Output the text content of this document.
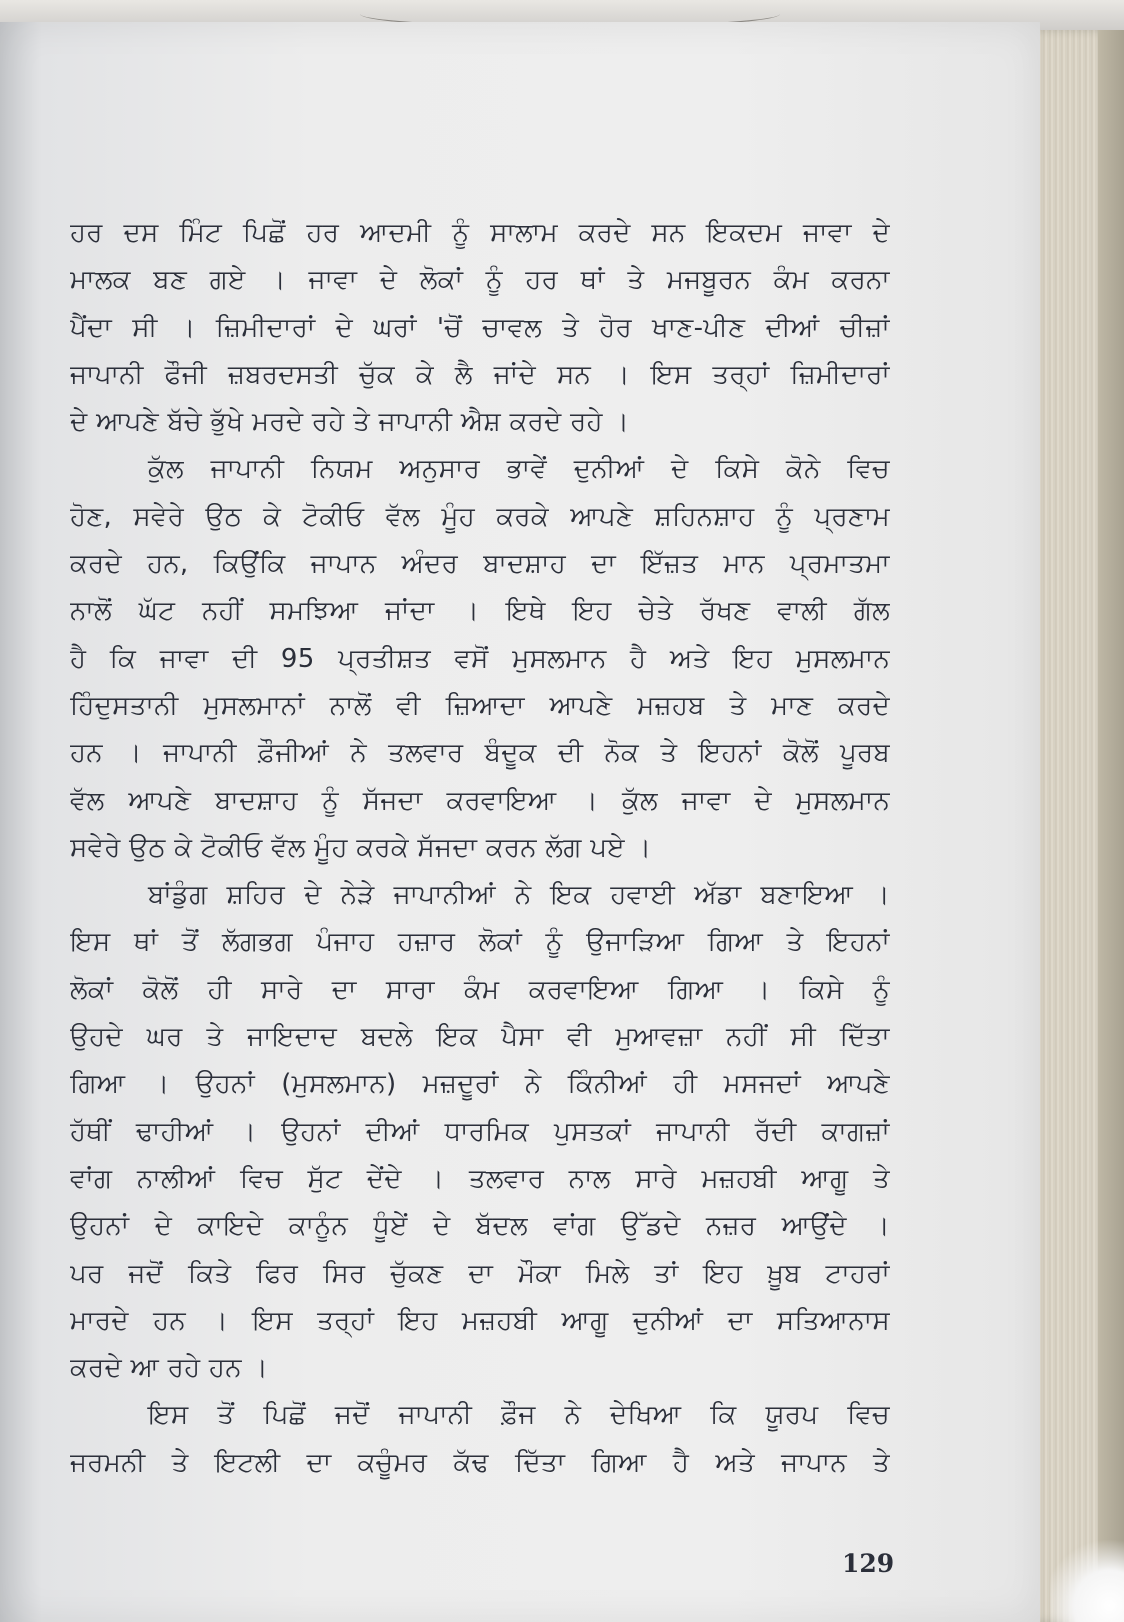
ਹਰ ਦਸ ਮਿੰਟ ਪਿਛੋਂ ਹਰ ਆਦਮੀ ਨੂੰ ਸਾਲਾਮ ਕਰਦੇ ਸਨ ਇਕਦਮ ਜਾਵਾ ਦੇ
ਮਾਲਕ ਬਣ ਗਏ । ਜਾਵਾ ਦੇ ਲੋਕਾਂ ਨੂੰ ਹਰ ਥਾਂ ਤੇ ਮਜਬੂਰਨ ਕੰਮ ਕਰਨਾ
ਪੈਂਦਾ ਸੀ । ਜ਼ਿਮੀਦਾਰਾਂ ਦੇ ਘਰਾਂ 'ਚੋਂ ਚਾਵਲ ਤੇ ਹੋਰ ਖਾਣ-ਪੀਣ ਦੀਆਂ ਚੀਜ਼ਾਂ
ਜਾਪਾਨੀ ਫੌਜੀ ਜ਼ਬਰਦਸਤੀ ਚੁੱਕ ਕੇ ਲੈ ਜਾਂਦੇ ਸਨ । ਇਸ ਤਰ੍ਹਾਂ ਜ਼ਿਮੀਦਾਰਾਂ
ਦੇ ਆਪਣੇ ਬੱਚੇ ਭੁੱਖੇ ਮਰਦੇ ਰਹੇ ਤੇ ਜਾਪਾਨੀ ਐਸ਼ ਕਰਦੇ ਰਹੇ ।
ਕੁੱਲ ਜਾਪਾਨੀ ਨਿਯਮ ਅਨੁਸਾਰ ਭਾਵੇਂ ਦੁਨੀਆਂ ਦੇ ਕਿਸੇ ਕੋਨੇ ਵਿਚ
ਹੋਣ, ਸਵੇਰੇ ਉਠ ਕੇ ਟੋਕੀਓ ਵੱਲ ਮੂੰਹ ਕਰਕੇ ਆਪਣੇ ਸ਼ਹਿਨਸ਼ਾਹ ਨੂੰ ਪ੍ਰਣਾਮ
ਕਰਦੇ ਹਨ, ਕਿਉਂਕਿ ਜਾਪਾਨ ਅੰਦਰ ਬਾਦਸ਼ਾਹ ਦਾ ਇੱਜ਼ਤ ਮਾਨ ਪ੍ਰਮਾਤਮਾ
ਨਾਲੋਂ ਘੱਟ ਨਹੀਂ ਸਮਝਿਆ ਜਾਂਦਾ । ਇਥੇ ਇਹ ਚੇਤੇ ਰੱਖਣ ਵਾਲੀ ਗੱਲ
ਹੈ ਕਿ ਜਾਵਾ ਦੀ 95 ਪ੍ਰਤੀਸ਼ਤ ਵਸੋਂ ਮੁਸਲਮਾਨ ਹੈ ਅਤੇ ਇਹ ਮੁਸਲਮਾਨ
ਹਿੰਦੁਸਤਾਨੀ ਮੁਸਲਮਾਨਾਂ ਨਾਲੋਂ ਵੀ ਜ਼ਿਆਦਾ ਆਪਣੇ ਮਜ਼ਹਬ ਤੇ ਮਾਣ ਕਰਦੇ
ਹਨ । ਜਾਪਾਨੀ ਫ਼ੌਜੀਆਂ ਨੇ ਤਲਵਾਰ ਬੰਦੂਕ ਦੀ ਨੋਕ ਤੇ ਇਹਨਾਂ ਕੋਲੋਂ ਪੂਰਬ
ਵੱਲ ਆਪਣੇ ਬਾਦਸ਼ਾਹ ਨੂੰ ਸੱਜਦਾ ਕਰਵਾਇਆ । ਕੁੱਲ ਜਾਵਾ ਦੇ ਮੁਸਲਮਾਨ
ਸਵੇਰੇ ਉਠ ਕੇ ਟੋਕੀਓ ਵੱਲ ਮੂੰਹ ਕਰਕੇ ਸੱਜਦਾ ਕਰਨ ਲੱਗ ਪਏ ।
ਬਾਂਡੁੰਗ ਸ਼ਹਿਰ ਦੇ ਨੇੜੇ ਜਾਪਾਨੀਆਂ ਨੇ ਇਕ ਹਵਾਈ ਅੱਡਾ ਬਣਾਇਆ ।
ਇਸ ਥਾਂ ਤੋਂ ਲੱਗਭਗ ਪੰਜਾਹ ਹਜ਼ਾਰ ਲੋਕਾਂ ਨੂੰ ਉਜਾੜਿਆ ਗਿਆ ਤੇ ਇਹਨਾਂ
ਲੋਕਾਂ ਕੋਲੋਂ ਹੀ ਸਾਰੇ ਦਾ ਸਾਰਾ ਕੰਮ ਕਰਵਾਇਆ ਗਿਆ । ਕਿਸੇ ਨੂੰ
ਉਹਦੇ ਘਰ ਤੇ ਜਾਇਦਾਦ ਬਦਲੇ ਇਕ ਪੈਸਾ ਵੀ ਮੁਆਵਜ਼ਾ ਨਹੀਂ ਸੀ ਦਿੱਤਾ
ਗਿਆ । ਉਹਨਾਂ (ਮੁਸਲਮਾਨ) ਮਜ਼ਦੂਰਾਂ ਨੇ ਕਿੰਨੀਆਂ ਹੀ ਮਸਜਦਾਂ ਆਪਣੇ
ਹੱਥੀਂ ਢਾਹੀਆਂ । ਉਹਨਾਂ ਦੀਆਂ ਧਾਰਮਿਕ ਪੁਸਤਕਾਂ ਜਾਪਾਨੀ ਰੱਦੀ ਕਾਗਜ਼ਾਂ
ਵਾਂਗ ਨਾਲੀਆਂ ਵਿਚ ਸੁੱਟ ਦੇਂਦੇ । ਤਲਵਾਰ ਨਾਲ ਸਾਰੇ ਮਜ਼ਹਬੀ ਆਗੂ ਤੇ
ਉਹਨਾਂ ਦੇ ਕਾਇਦੇ ਕਾਨੂੰਨ ਧੂੰਏਂ ਦੇ ਬੱਦਲ ਵਾਂਗ ਉੱਡਦੇ ਨਜ਼ਰ ਆਉਂਦੇ ।
ਪਰ ਜਦੋਂ ਕਿਤੇ ਫਿਰ ਸਿਰ ਚੁੱਕਣ ਦਾ ਮੌਕਾ ਮਿਲੇ ਤਾਂ ਇਹ ਖ਼ੂਬ ਟਾਹਰਾਂ
ਮਾਰਦੇ ਹਨ । ਇਸ ਤਰ੍ਹਾਂ ਇਹ ਮਜ਼ਹਬੀ ਆਗੂ ਦੁਨੀਆਂ ਦਾ ਸਤਿਆਨਾਸ
ਕਰਦੇ ਆ ਰਹੇ ਹਨ ।
ਇਸ ਤੋਂ ਪਿਛੋਂ ਜਦੋਂ ਜਾਪਾਨੀ ਫ਼ੌਜ ਨੇ ਦੇਖਿਆ ਕਿ ਯੂਰਪ ਵਿਚ
ਜਰਮਨੀ ਤੇ ਇਟਲੀ ਦਾ ਕਚੂੰਮਰ ਕੱਢ ਦਿੱਤਾ ਗਿਆ ਹੈ ਅਤੇ ਜਾਪਾਨ ਤੇ
129
